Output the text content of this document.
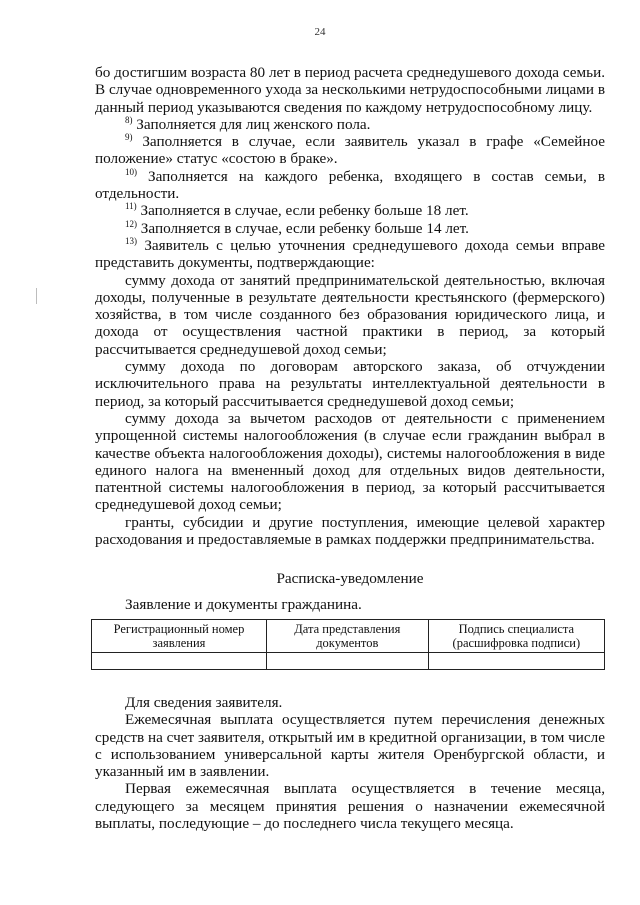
24

бо достигшим возраста 80 лет в период расчета среднедушевого дохода семьи. В случае одновременного ухода за несколькими нетрудоспособными лицами в данный период указываются сведения по каждому нетрудоспособному лицу.

$^{8)}$ Заполняется для лиц женского пола.

$^{9)}$ Заполняется в случае, если заявитель указал в графе «Семейное положение» статус «состою в браке».

$^{10)}$ Заполняется на каждого ребенка, входящего в состав семьи, в отдельности.

$^{11)}$ Заполняется в случае, если ребенку больше 18 лет.

$^{12)}$ Заполняется в случае, если ребенку больше 14 лет.

$^{13)}$ Заявитель с целью уточнения среднедушевого дохода семьи вправе представить документы, подтверждающие:

сумму дохода от занятий предпринимательской деятельностью, включая доходы, полученные в результате деятельности крестьянского (фермерского) хозяйства, в том числе созданного без образования юридического лица, и дохода от осуществления частной практики в период, за который рассчитывается среднедушевой доход семьи;

сумму дохода по договорам авторского заказа, об отчуждении исключительного права на результаты интеллектуальной деятельности в период, за который рассчитывается среднедушевой доход семьи;

сумму дохода за вычетом расходов от деятельности с применением упрощенной системы налогообложения (в случае если гражданин выбрал в качестве объекта налогообложения доходы), системы налогообложения в виде единого налога на вмененный доход для отдельных видов деятельности, патентной системы налогообложения в период, за который рассчитывается среднедушевой доход семьи;

гранты, субсидии и другие поступления, имеющие целевой характер расходования и предоставляемые в рамках поддержки предпринимательства.

Расписка-уведомление

Заявление и документы гражданина.

Регистрационный номер заявления	Дата представления документов	Подпись специалиста (расшифровка подписи)

Для сведения заявителя.

Ежемесячная выплата осуществляется путем перечисления денежных средств на счет заявителя, открытый им в кредитной организации, в том числе с использованием универсальной карты жителя Оренбургской области, и указанный им в заявлении.

Первая ежемесячная выплата осуществляется в течение месяца, следующего за месяцем принятия решения о назначении ежемесячной выплаты, последующие – до последнего числа текущего месяца.
